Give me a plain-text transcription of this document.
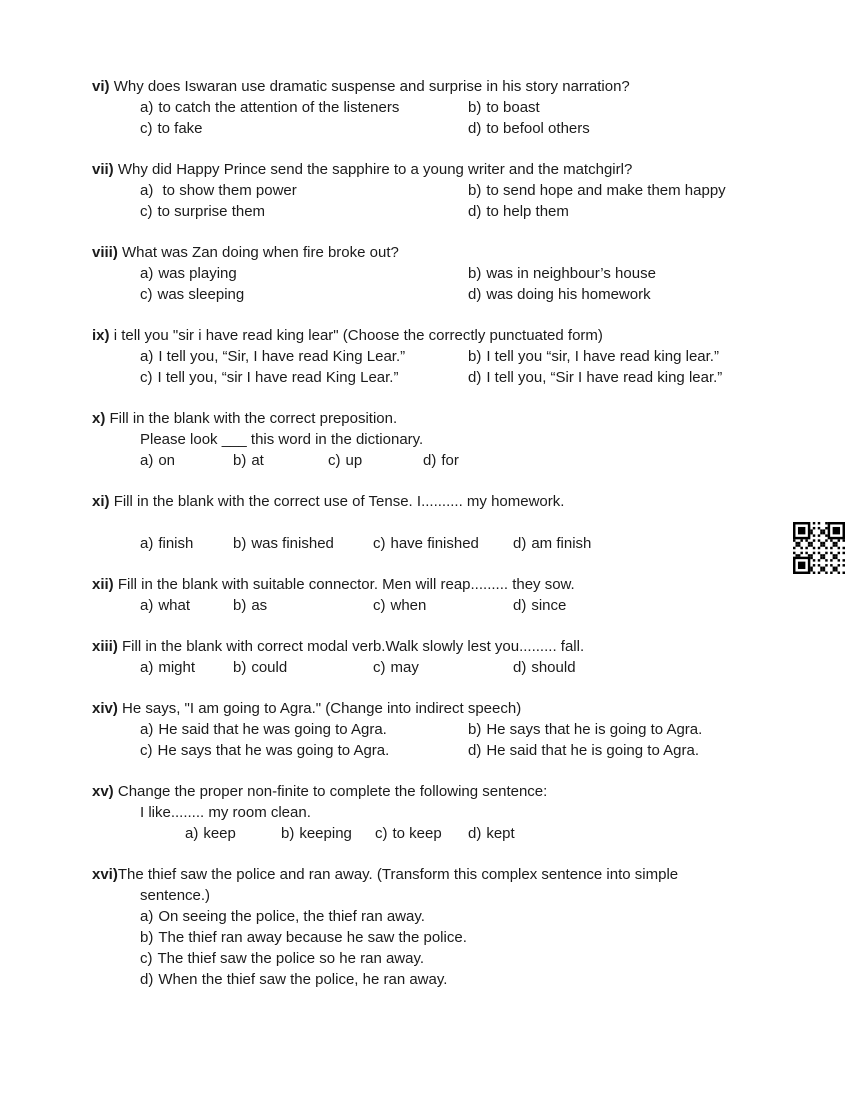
vi) Why does Iswaran use dramatic suspense and surprise in his story narration?
a) to catch the attention of the listeners	b) to boast
c) to fake	d) to befool others
vii) Why did Happy Prince send the sapphire to a young writer and the matchgirl?
a) to show them power	b) to send hope and make them happy
c) to surprise them	d) to help them
viii) What was Zan doing when fire broke out?
a) was playing	b) was in neighbour’s house
c) was sleeping	d) was doing his homework
ix) i tell you "sir i have read king lear" (Choose the correctly punctuated form)
a) I tell you, “Sir, I have read King Lear.”	b) I tell you “sir, I have read king lear.”
c) I tell you, “sir I have read King Lear.”	d) I tell you, “Sir I have read king lear.”
x) Fill in the blank with the correct preposition.
Please look ___ this word in the dictionary.
a) on	b) at	c) up	d) for
xi) Fill in the blank with the correct use of Tense. I.......... my homework.
a) finish	b) was finished	c) have finished	d) am finish
xii) Fill in the blank with suitable connector. Men will reap......... they sow.
a) what	b) as	c) when	d) since
xiii) Fill in the blank with correct modal verb.Walk slowly lest you......... fall.
a) might	b) could	c) may	d) should
xiv) He says, "I am going to Agra." (Change into indirect speech)
a) He said that he was going to Agra.	b) He says that he is going to Agra.
c) He says that he was going to Agra.	d) He said that he is going to Agra.
xv) Change the proper non-finite to complete the following sentence:
I like........ my room clean.
a) keep	b) keeping	c) to keep	d) kept
xvi)The thief saw the police and ran away. (Transform this complex sentence into simple
sentence.)
a) On seeing the police, the thief ran away.
b) The thief ran away because he saw the police.
c) The thief saw the police so he ran away.
d) When the thief saw the police, he ran away.
